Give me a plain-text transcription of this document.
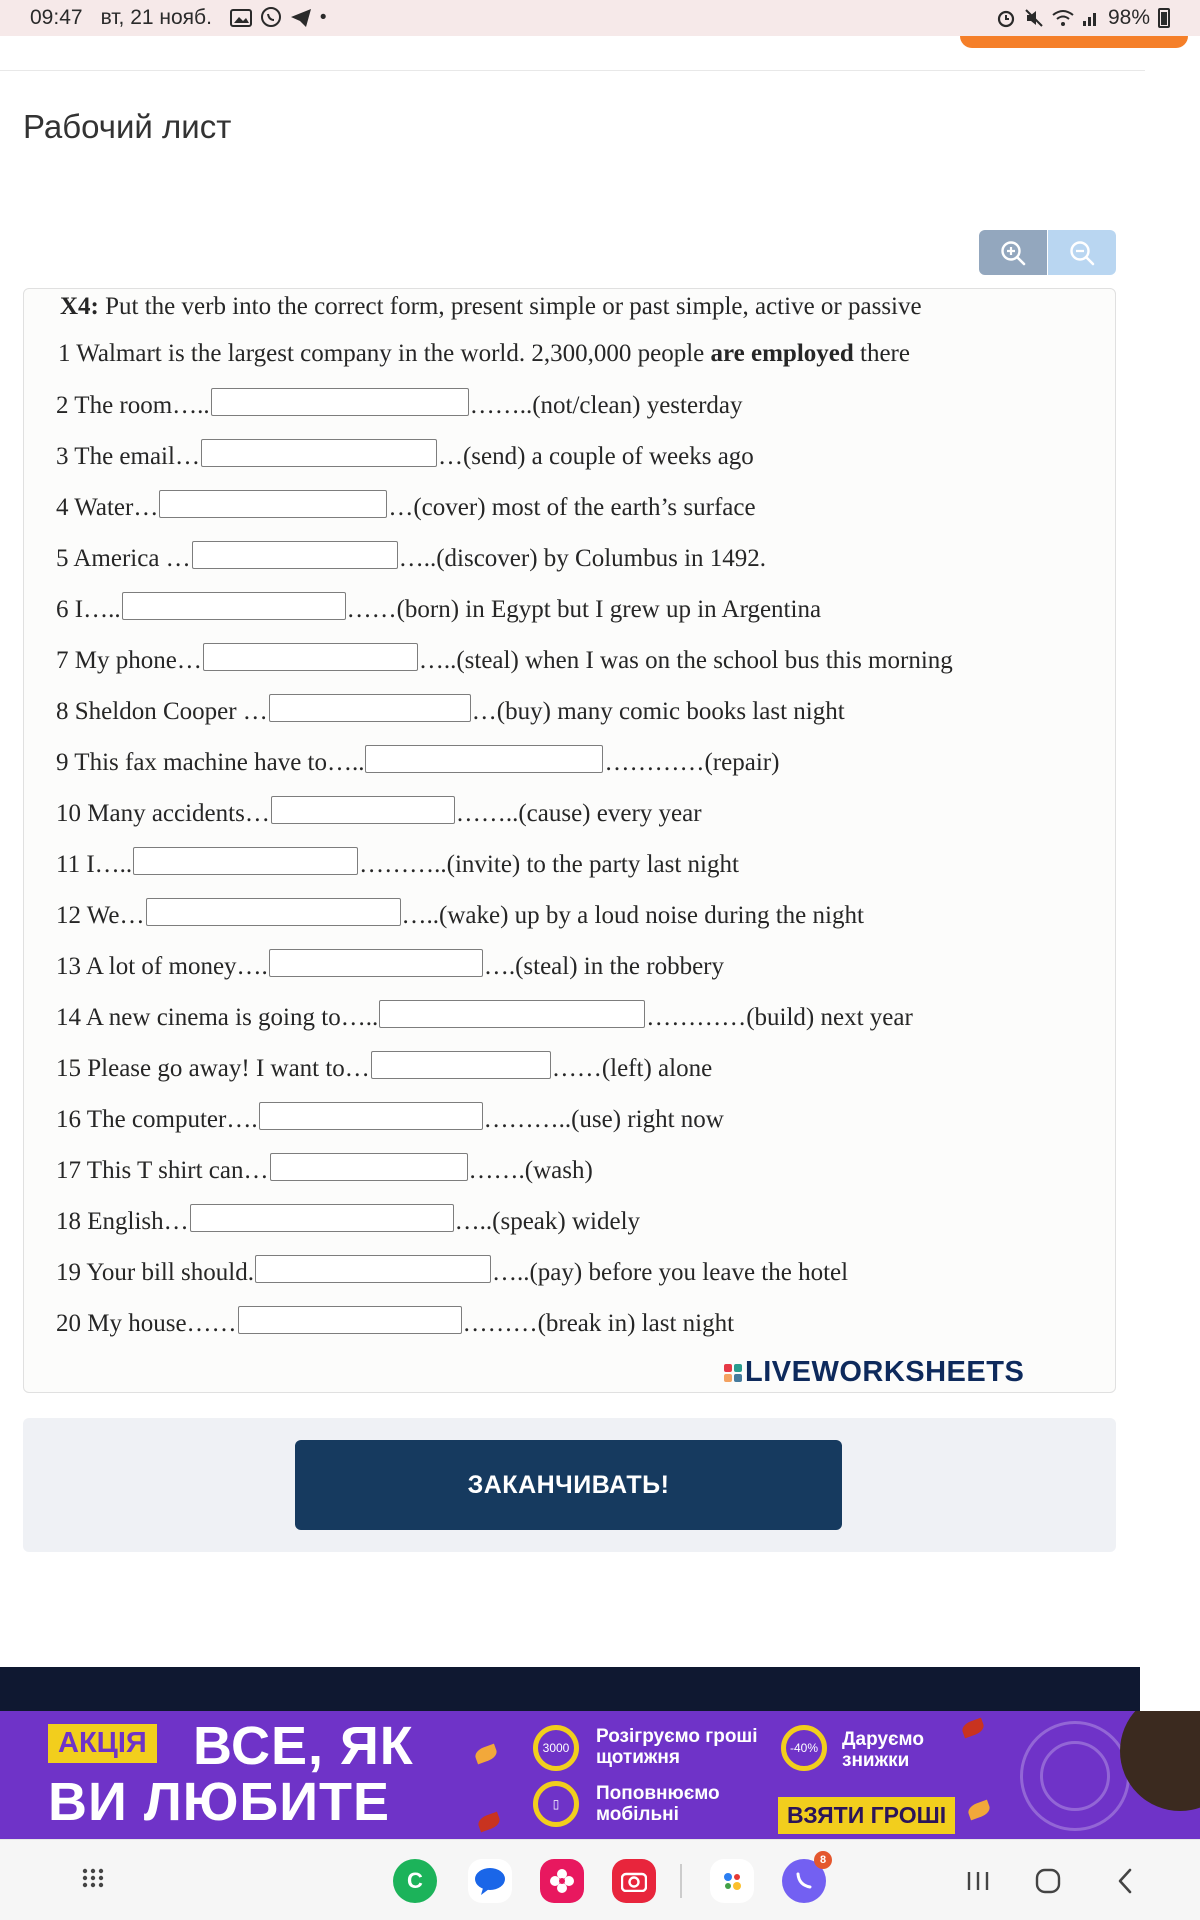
09:47 вт, 21 нояб.	•	98%
Рабочий лист
X4: Put the verb into the correct form, present simple or past simple, active or passive
1 Walmart is the largest company in the world. 2,300,000 people are employed there
2 The room…..	……..(not/clean) yesterday
3 The email…	…(send) a couple of weeks ago
4 Water…	…(cover) most of the earth’s surface
5 America …	…..(discover) by Columbus in 1492.
6 I…..	……(born) in Egypt but I grew up in Argentina
7 My phone…	…..(steal) when I was on the school bus this morning
8 Sheldon Cooper …	…(buy) many comic books last night
9 This fax machine have to…..	…………(repair)
10 Many accidents…	……..(cause) every year
11 I…..	………..(invite) to the party last night
12 We…	…..(wake) up by a loud noise during the night
13 A lot of money….	….(steal) in the robbery
14 A new cinema is going to…..	…………(build) next year
15 Please go away! I want to…	……(left) alone
16 The computer….	………..(use) right now
17 This T shirt can…	…….(wash)
18 English…	…..(speak) widely
19 Your bill should.	…..(pay) before you leave the hotel
20 My house……	………(break in) last night
LIVEWORKSHEETS
ЗАКАНЧИВАТЬ!
АКЦІЯ ВСЕ, ЯК
ВИ ЛЮБИТЕ
3000
Розігруємо гроші щотижня
▯	Поповнюємо мобільні
-40%	Даруємо знижки
ВЗЯТИ ГРОШІ
C
8
